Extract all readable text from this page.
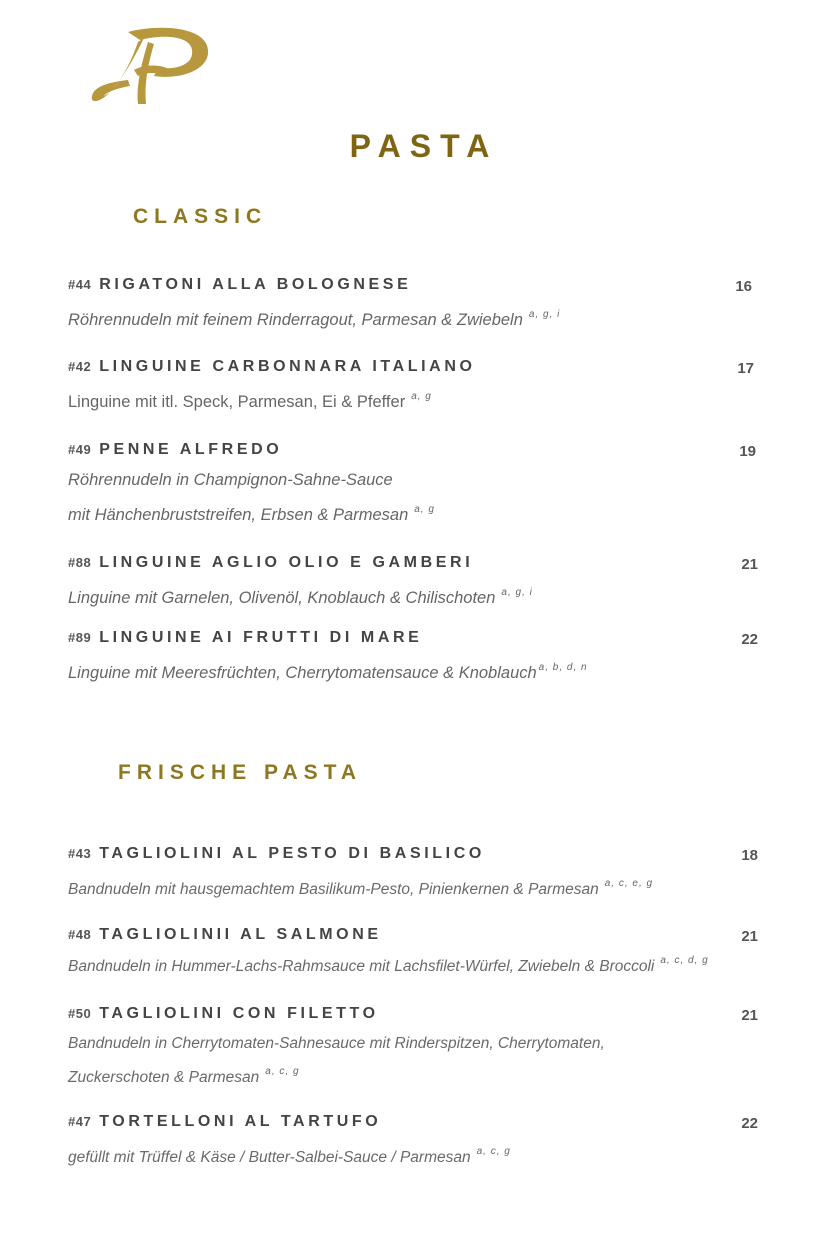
PASTA
CLASSIC
#44 RIGATONI ALLA BOLOGNESE	16
Röhrennudeln mit feinem Rinderragout, Parmesan & Zwiebeln $^{a, g, i}$
#42 LINGUINE CARBONNARA ITALIANO	17
Linguine mit itl. Speck, Parmesan, Ei & Pfeffer $^{a, g}$
#49 PENNE ALFREDO	19
Röhrennudeln in Champignon-Sahne-Sauce
mit Hänchenbruststreifen, Erbsen & Parmesan $^{a, g}$
#88 LINGUINE AGLIO OLIO E GAMBERI	21
Linguine mit Garnelen, Olivenöl, Knoblauch & Chilischoten $^{a, g, i}$
#89 LINGUINE AI FRUTTI DI MARE	22
Linguine mit Meeresfrüchten, Cherrytomatensauce & Knoblauch $^{a, b, d, n}$
FRISCHE PASTA
#43 TAGLIOLINI AL PESTO DI BASILICO	18
Bandnudeln mit hausgemachtem Basilikum-Pesto, Pinienkernen & Parmesan $^{a, c, e, g}$
#48 TAGLIOLINII AL SALMONE	21
Bandnudeln in Hummer-Lachs-Rahmsauce mit Lachsfilet-Würfel, Zwiebeln & Broccoli $^{a, c, d, g}$
#50 TAGLIOLINI CON FILETTO	21
Bandnudeln in Cherrytomaten-Sahnesauce mit Rinderspitzen, Cherrytomaten,
Zuckerschoten & Parmesan $^{a, c, g}$
#47 TORTELLONI AL TARTUFO	22
gefüllt mit Trüffel & Käse / Butter-Salbei-Sauce / Parmesan $^{a, c, g}$
